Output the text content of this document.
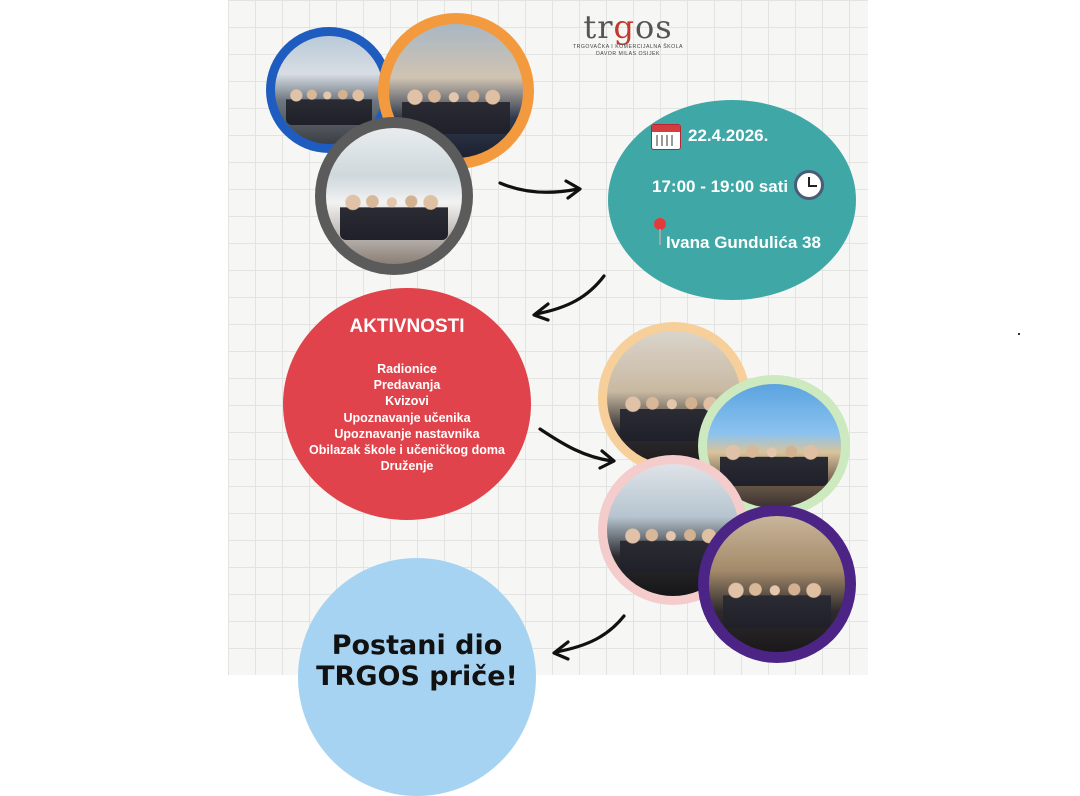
trgos
TRGOVAČKA I KOMERCIJALNA ŠKOLA
DAVOR MILAS OSIJEK
22.4.2026.
17:00 - 19:00 sati
Ivana Gundulića 38
AKTIVNOSTI
Radionice
Predavanja
Kvizovi
Upoznavanje učenika
Upoznavanje nastavnika
Obilazak škole i učeničkog doma
Druženje
Postani dio
TRGOS priče!
